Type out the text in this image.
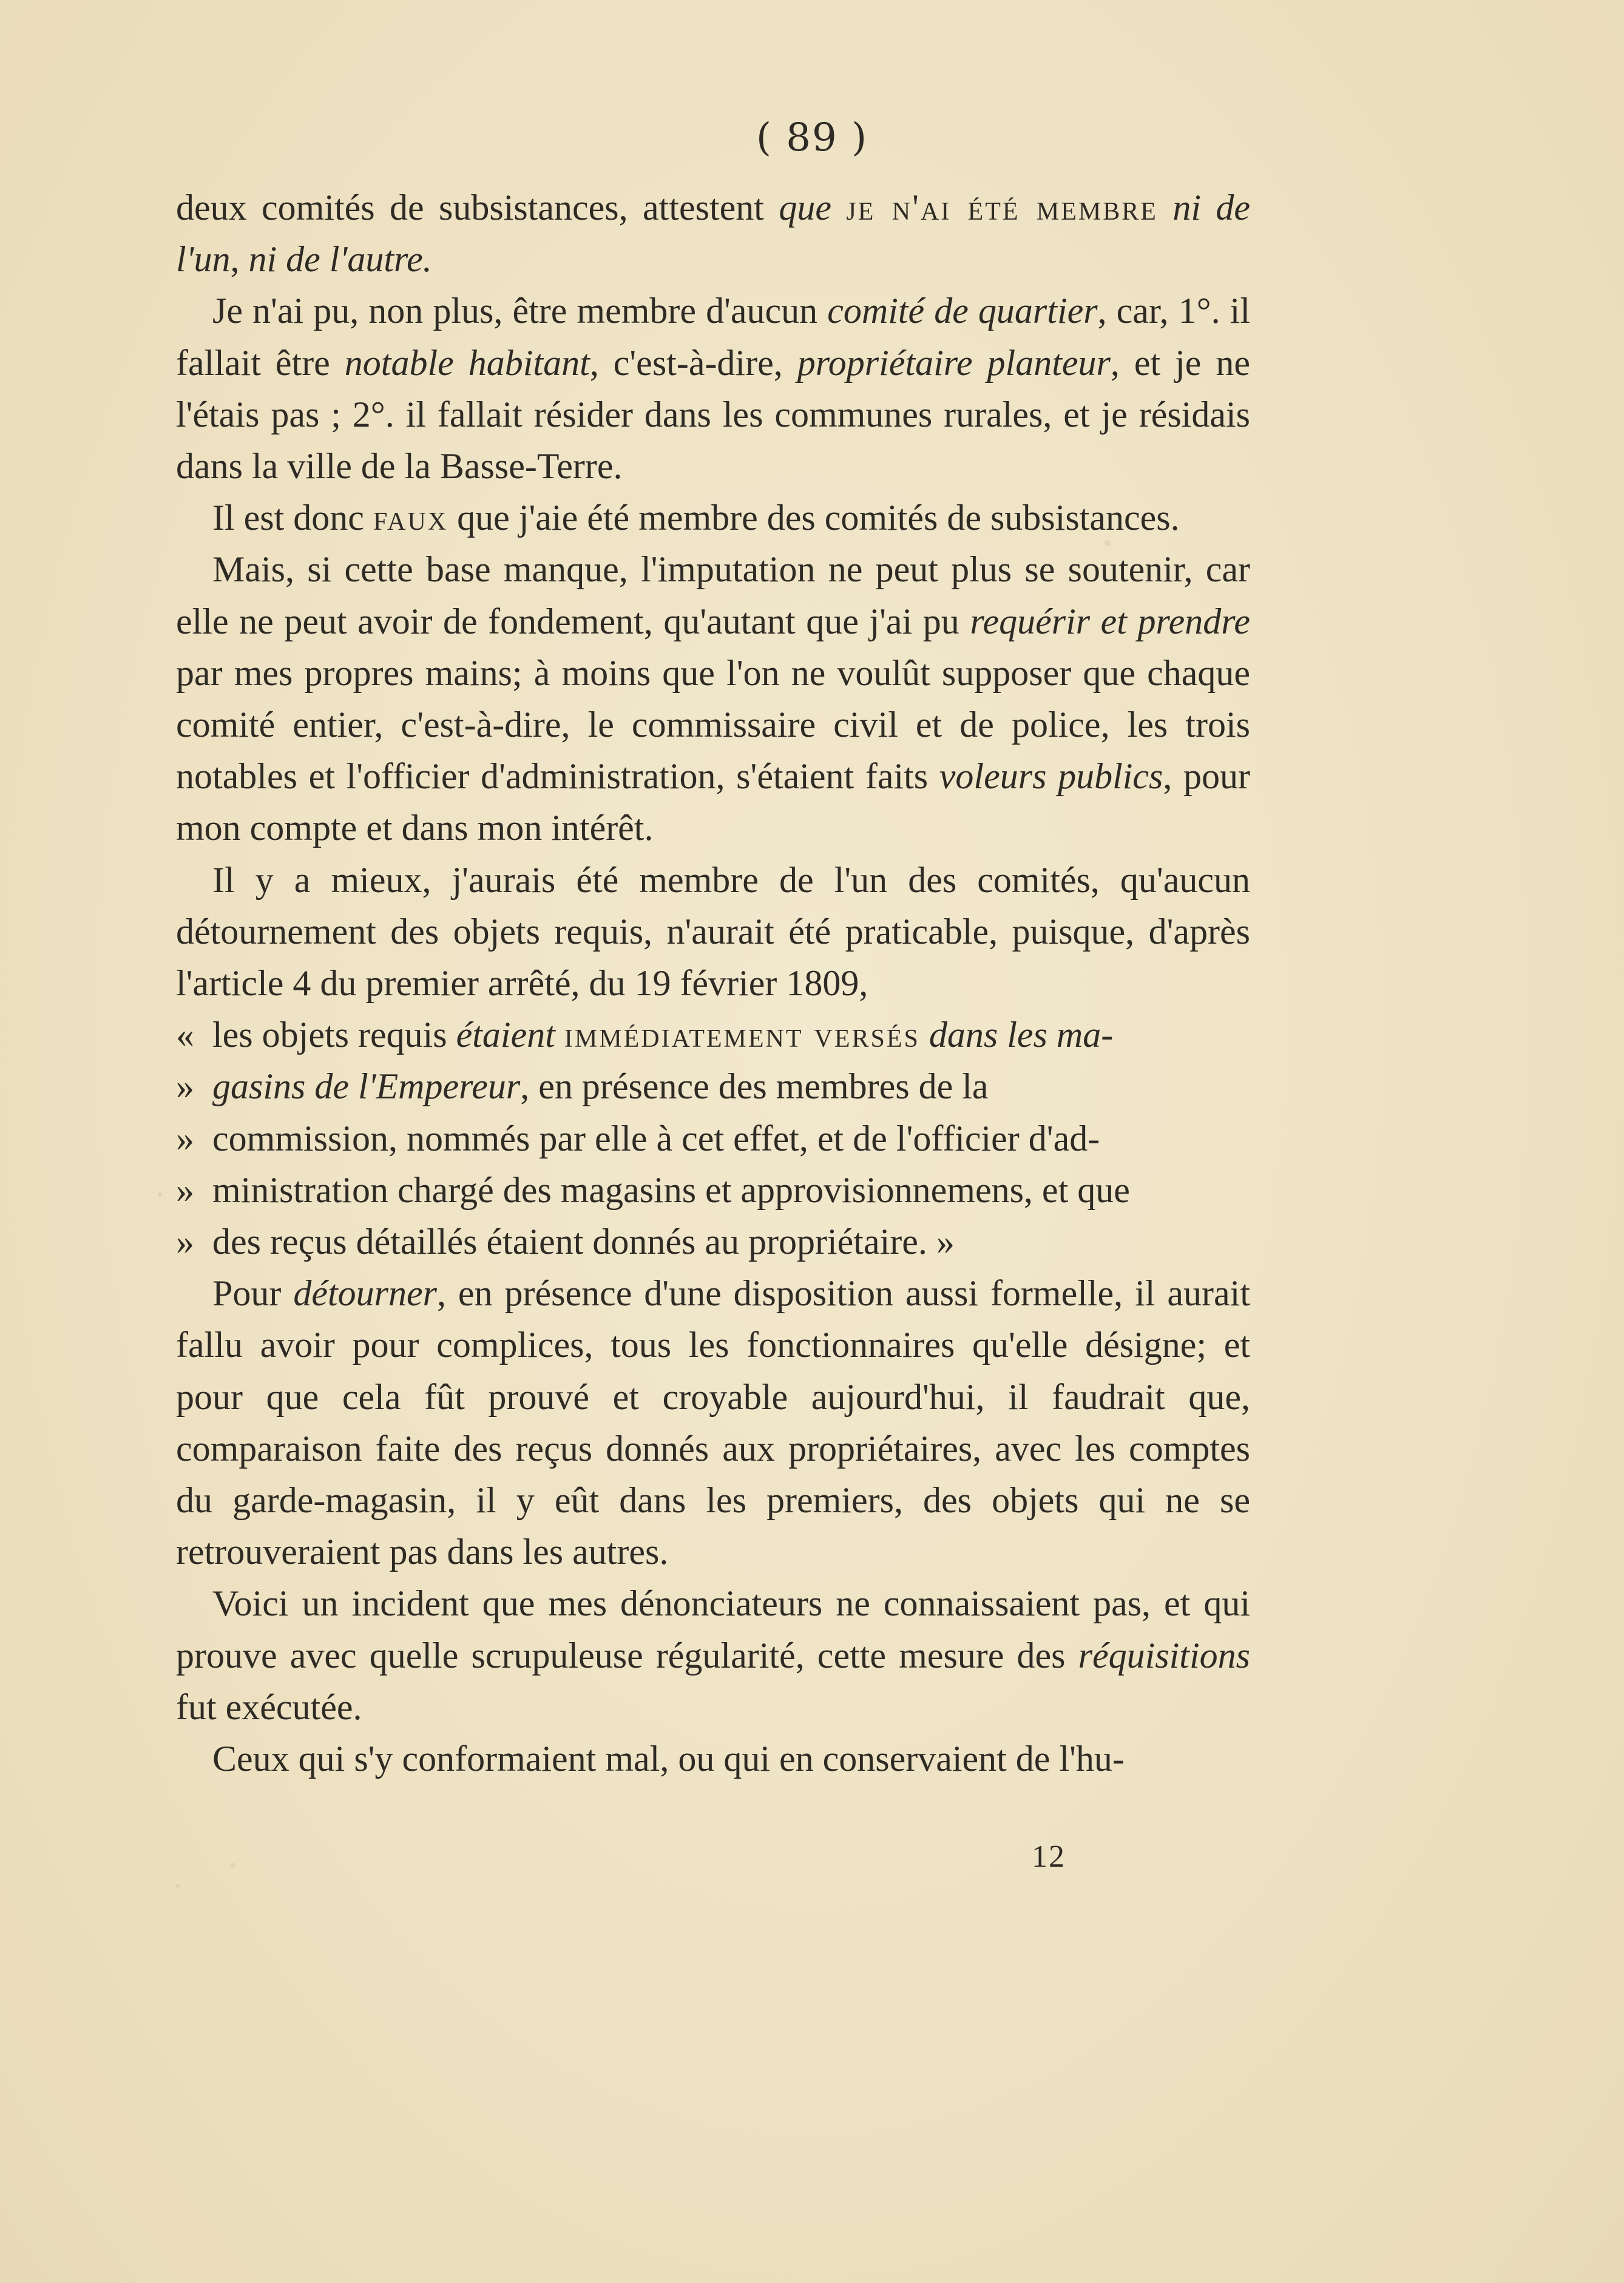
( 89 )

deux comités de subsistances, attestent que je n'ai été membre ni de l'un, ni de l'autre.

Je n'ai pu, non plus, être membre d'aucun comité de quartier, car, 1°. il fallait être notable habitant, c'est-à-dire, propriétaire planteur, et je ne l'étais pas ; 2°. il fallait résider dans les communes rurales, et je résidais dans la ville de la Basse-Terre.

Il est donc faux que j'aie été membre des comités de subsistances.

Mais, si cette base manque, l'imputation ne peut plus se soutenir, car elle ne peut avoir de fondement, qu'autant que j'ai pu requérir et prendre par mes propres mains; à moins que l'on ne voulût supposer que chaque comité entier, c'est-à-dire, le commissaire civil et de police, les trois notables et l'officier d'administration, s'étaient faits voleurs publics, pour mon compte et dans mon intérêt.

Il y a mieux, j'aurais été membre de l'un des comités, qu'aucun détournement des objets requis, n'aurait été praticable, puisque, d'après l'article 4 du premier arrêté, du 19 février 1809,

« les objets requis étaient immédiatement versés dans les ma-
» gasins de l'Empereur, en présence des membres de la
» commission, nommés par elle à cet effet, et de l'officier d'ad-
» ministration chargé des magasins et approvisionnemens, et que
» des reçus détaillés étaient donnés au propriétaire. »

Pour détourner, en présence d'une disposition aussi formelle, il aurait fallu avoir pour complices, tous les fonctionnaires qu'elle désigne; et pour que cela fût prouvé et croyable aujourd'hui, il faudrait que, comparaison faite des reçus donnés aux propriétaires, avec les comptes du garde-magasin, il y eût dans les premiers, des objets qui ne se retrouveraient pas dans les autres.

Voici un incident que mes dénonciateurs ne connaissaient pas, et qui prouve avec quelle scrupuleuse régularité, cette mesure des réquisitions fut exécutée.

Ceux qui s'y conformaient mal, ou qui en conservaient de l'hu-

12
